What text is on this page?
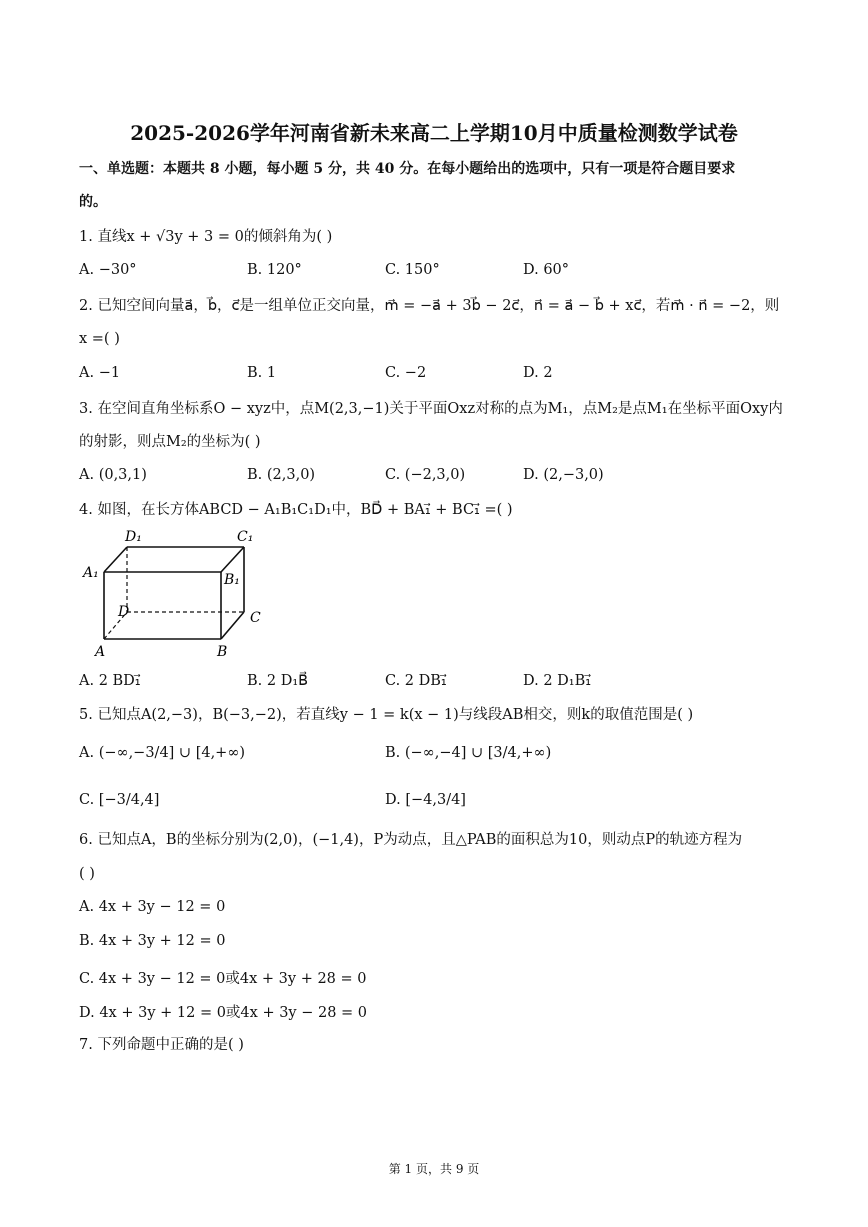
2025-2026学年河南省新未来高二上学期10月中质量检测数学试卷
一、单选题：本题共 8 小题，每小题 5 分，共 40 分。在每小题给出的选项中，只有一项是符合题目要求
的。
1. 直线x + √3y + 3 = 0的倾斜角为( )
A. −30°	B. 120°	C. 150°	D. 60°
2. 已知空间向量a⃗，b⃗，c⃗是一组单位正交向量，m⃗ = −a⃗ + 3b⃗ − 2c⃗，n⃗ = a⃗ − b⃗ + xc⃗，若m⃗ · n⃗ = −2，则
x =( )
A. −1	B. 1	C. −2	D. 2
3. 在空间直角坐标系O − xyz中，点M(2,3,−1)关于平面Oxz对称的点为M₁，点M₂是点M₁在坐标平面Oxy内
的射影，则点M₂的坐标为( )
A. (0,3,1)	B. (2,3,0)	C. (−2,3,0)	D. (2,−3,0)
4. 如图，在长方体ABCD − A₁B₁C₁D₁中，BD⃗ + BA₁⃗ + BC₁⃗ =( )
D₁	C₁
A₁	B₁
D	C
A	B
A. 2 BD₁⃗	B. 2 D₁B⃗	C. 2 DB₁⃗	D. 2 D₁B₁⃗
5. 已知点A(2,−3)，B(−3,−2)，若直线y − 1 = k(x − 1)与线段AB相交，则k的取值范围是( )
A. (−∞,−3/4] ∪ [4,+∞)	B. (−∞,−4] ∪ [3/4,+∞)
C. [−3/4,4]	D. [−4,3/4]
6. 已知点A，B的坐标分别为(2,0)，(−1,4)，P为动点，且△PAB的面积总为10，则动点P的轨迹方程为
( )
A. 4x + 3y − 12 = 0
B. 4x + 3y + 12 = 0
C. 4x + 3y − 12 = 0或4x + 3y + 28 = 0
D. 4x + 3y + 12 = 0或4x + 3y − 28 = 0
7. 下列命题中正确的是( )
第 1 页，共 9 页
